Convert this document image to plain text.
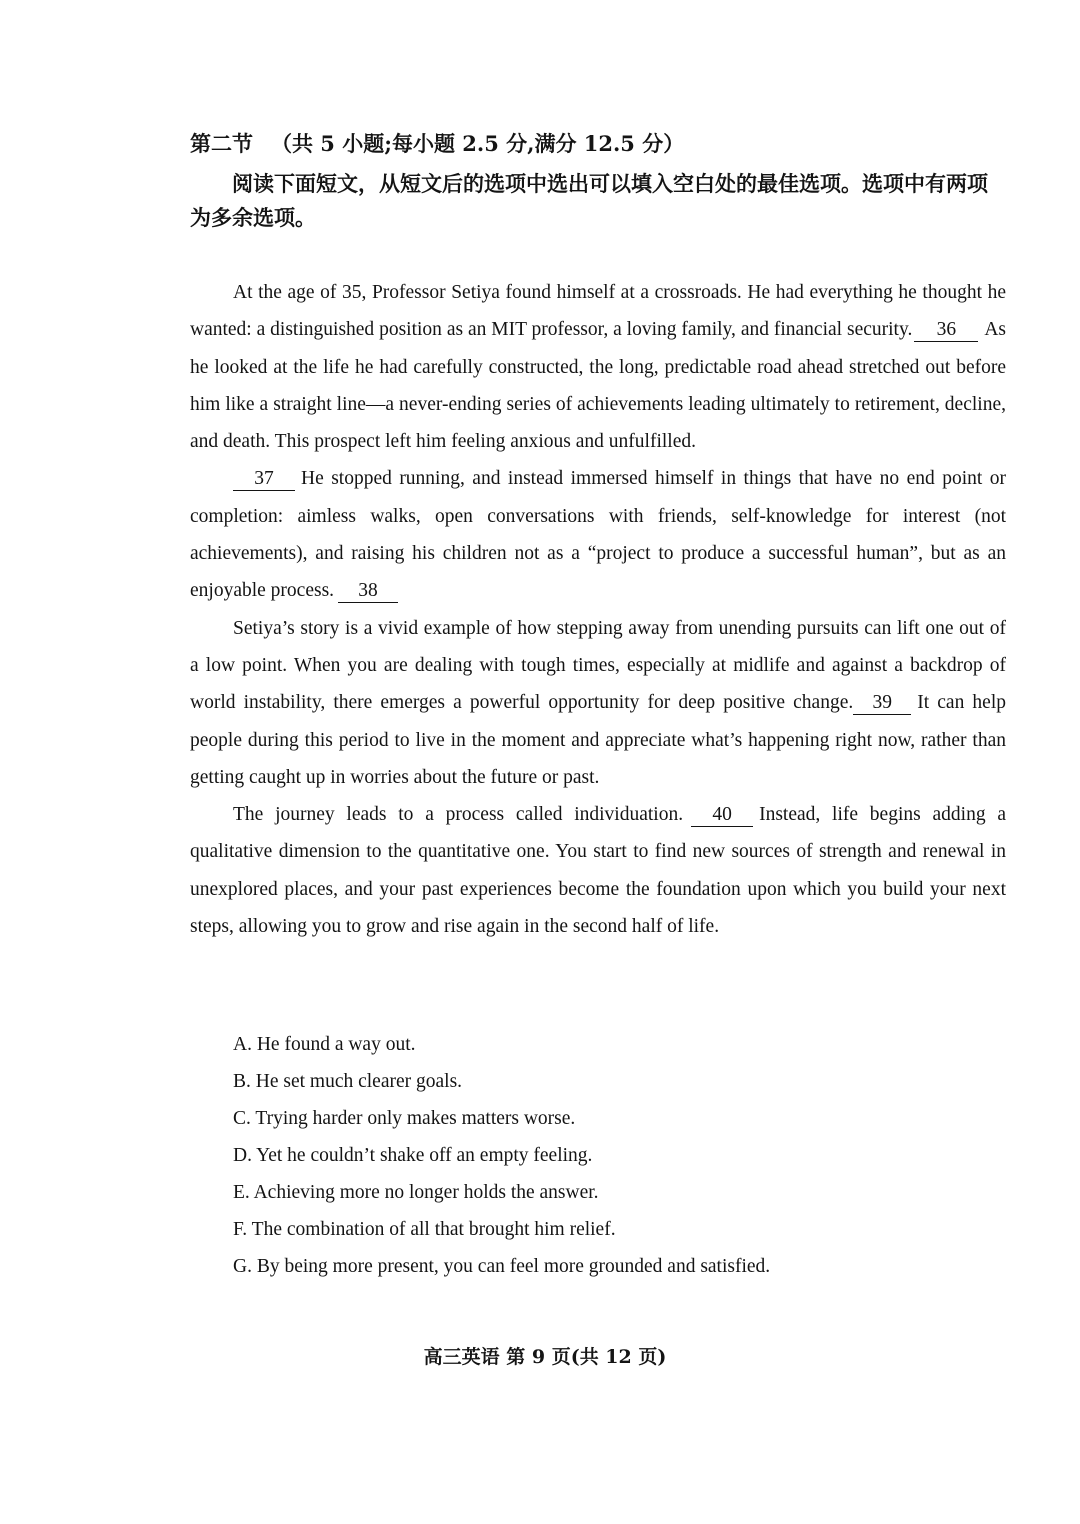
第二节 （共 5 小题;每小题 2.5 分,满分 12.5 分）
阅读下面短文，从短文后的选项中选出可以填入空白处的最佳选项。选项中有两项为多余选项。

At the age of 35, Professor Setiya found himself at a crossroads. He had everything he thought he wanted: a distinguished position as an MIT professor, a loving family, and financial security. 36 As he looked at the life he had carefully constructed, the long, predictable road ahead stretched out before him like a straight line—a never-ending series of achievements leading ultimately to retirement, decline, and death. This prospect left him feeling anxious and unfulfilled.

37 He stopped running, and instead immersed himself in things that have no end point or completion: aimless walks, open conversations with friends, self-knowledge for interest (not achievements), and raising his children not as a “project to produce a successful human”, but as an enjoyable process. 38

Setiya’s story is a vivid example of how stepping away from unending pursuits can lift one out of a low point. When you are dealing with tough times, especially at midlife and against a backdrop of world instability, there emerges a powerful opportunity for deep positive change. 39 It can help people during this period to live in the moment and appreciate what’s happening right now, rather than getting caught up in worries about the future or past.

The journey leads to a process called individuation. 40 Instead, life begins adding a qualitative dimension to the quantitative one. You start to find new sources of strength and renewal in unexplored places, and your past experiences become the foundation upon which you build your next steps, allowing you to grow and rise again in the second half of life.

A. He found a way out.
B. He set much clearer goals.
C. Trying harder only makes matters worse.
D. Yet he couldn’t shake off an empty feeling.
E. Achieving more no longer holds the answer.
F. The combination of all that brought him relief.
G. By being more present, you can feel more grounded and satisfied.
高三英语 第 9 页(共 12 页)
